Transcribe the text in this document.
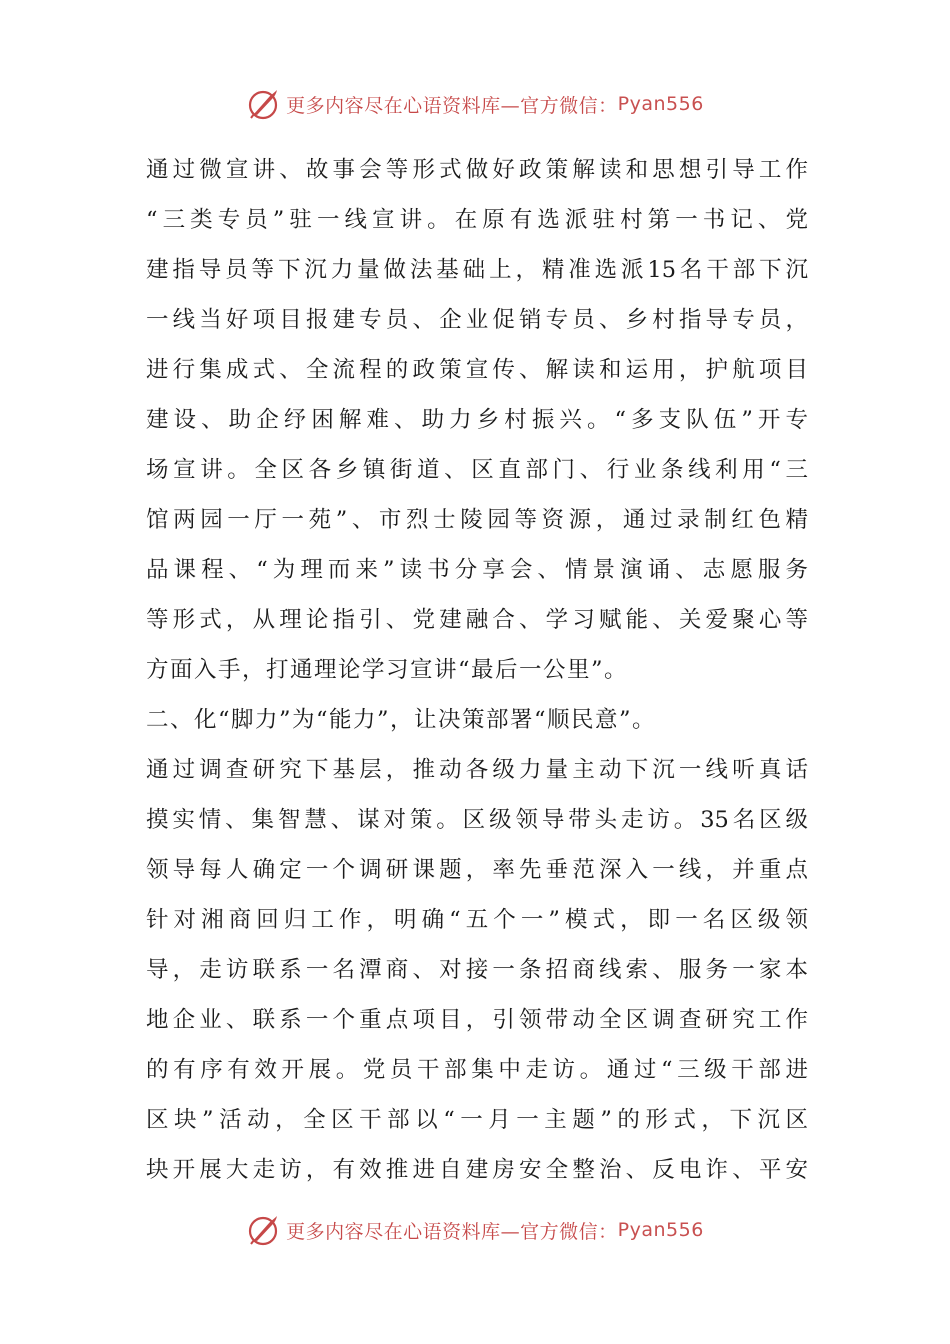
更多内容尽在心语资料库—官方微信： Pyan556
通过微宣讲、故事会等形式做好政策解读和思想引导工作
“三类专员”驻一线宣讲。在原有选派驻村第一书记、党
建指导员等下沉力量做法基础上，精准选派15名干部下沉
一线当好项目报建专员、企业促销专员、乡村指导专员，
进行集成式、全流程的政策宣传、解读和运用，护航项目
建设、助企纾困解难、助力乡村振兴。“多支队伍”开专
场宣讲。全区各乡镇街道、区直部门、行业条线利用“三
馆两园一厅一苑”、市烈士陵园等资源，通过录制红色精
品课程、“为理而来”读书分享会、情景演诵、志愿服务
等形式，从理论指引、党建融合、学习赋能、关爱聚心等
方面入手，打通理论学习宣讲“最后一公里”。
二、化“脚力”为“能力”，让决策部署“顺民意”。
通过调查研究下基层，推动各级力量主动下沉一线听真话
摸实情、集智慧、谋对策。区级领导带头走访。35名区级
领导每人确定一个调研课题，率先垂范深入一线，并重点
针对湘商回归工作，明确“五个一”模式，即一名区级领
导，走访联系一名潭商、对接一条招商线索、服务一家本
地企业、联系一个重点项目，引领带动全区调查研究工作
的有序有效开展。党员干部集中走访。通过“三级干部进
区块”活动，全区干部以“一月一主题”的形式，下沉区
块开展大走访，有效推进自建房安全整治、反电诈、平安
更多内容尽在心语资料库—官方微信： Pyan556
